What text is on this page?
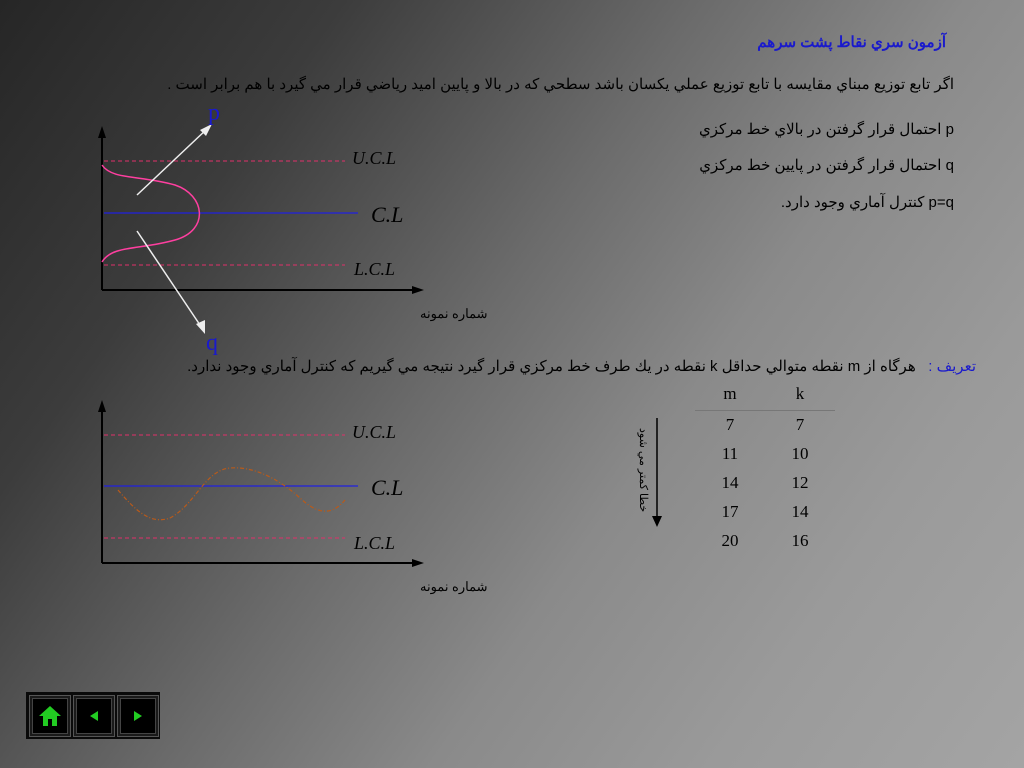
آزمون سري نقاط پشت سرهم
اگر تابع توزيع مبناي مقايسه با تابع توزيع عملي يكسان باشد سطحي كه در بالا و پايين اميد رياضي قرار مي گيرد با هم برابر است .
p احتمال قرار گرفتن در بالاي خط مركزي
q احتمال قرار گرفتن در پايين خط مركزي
p=q كنترل آماري وجود دارد.
p
q
U.C.L
C.L
L.C.L
شماره نمونه
U.C.L
C.L
L.C.L
شماره نمونه
تعريف :   هرگاه از m نقطه متوالي حداقل k نقطه در يك طرف خط مركزي قرار گيرد نتيجه مي گيريم كه كنترل آماري وجود ندارد.
خطا كمتر مي شود
m	k
7	7
11	10
14	12
17	14
20	16
